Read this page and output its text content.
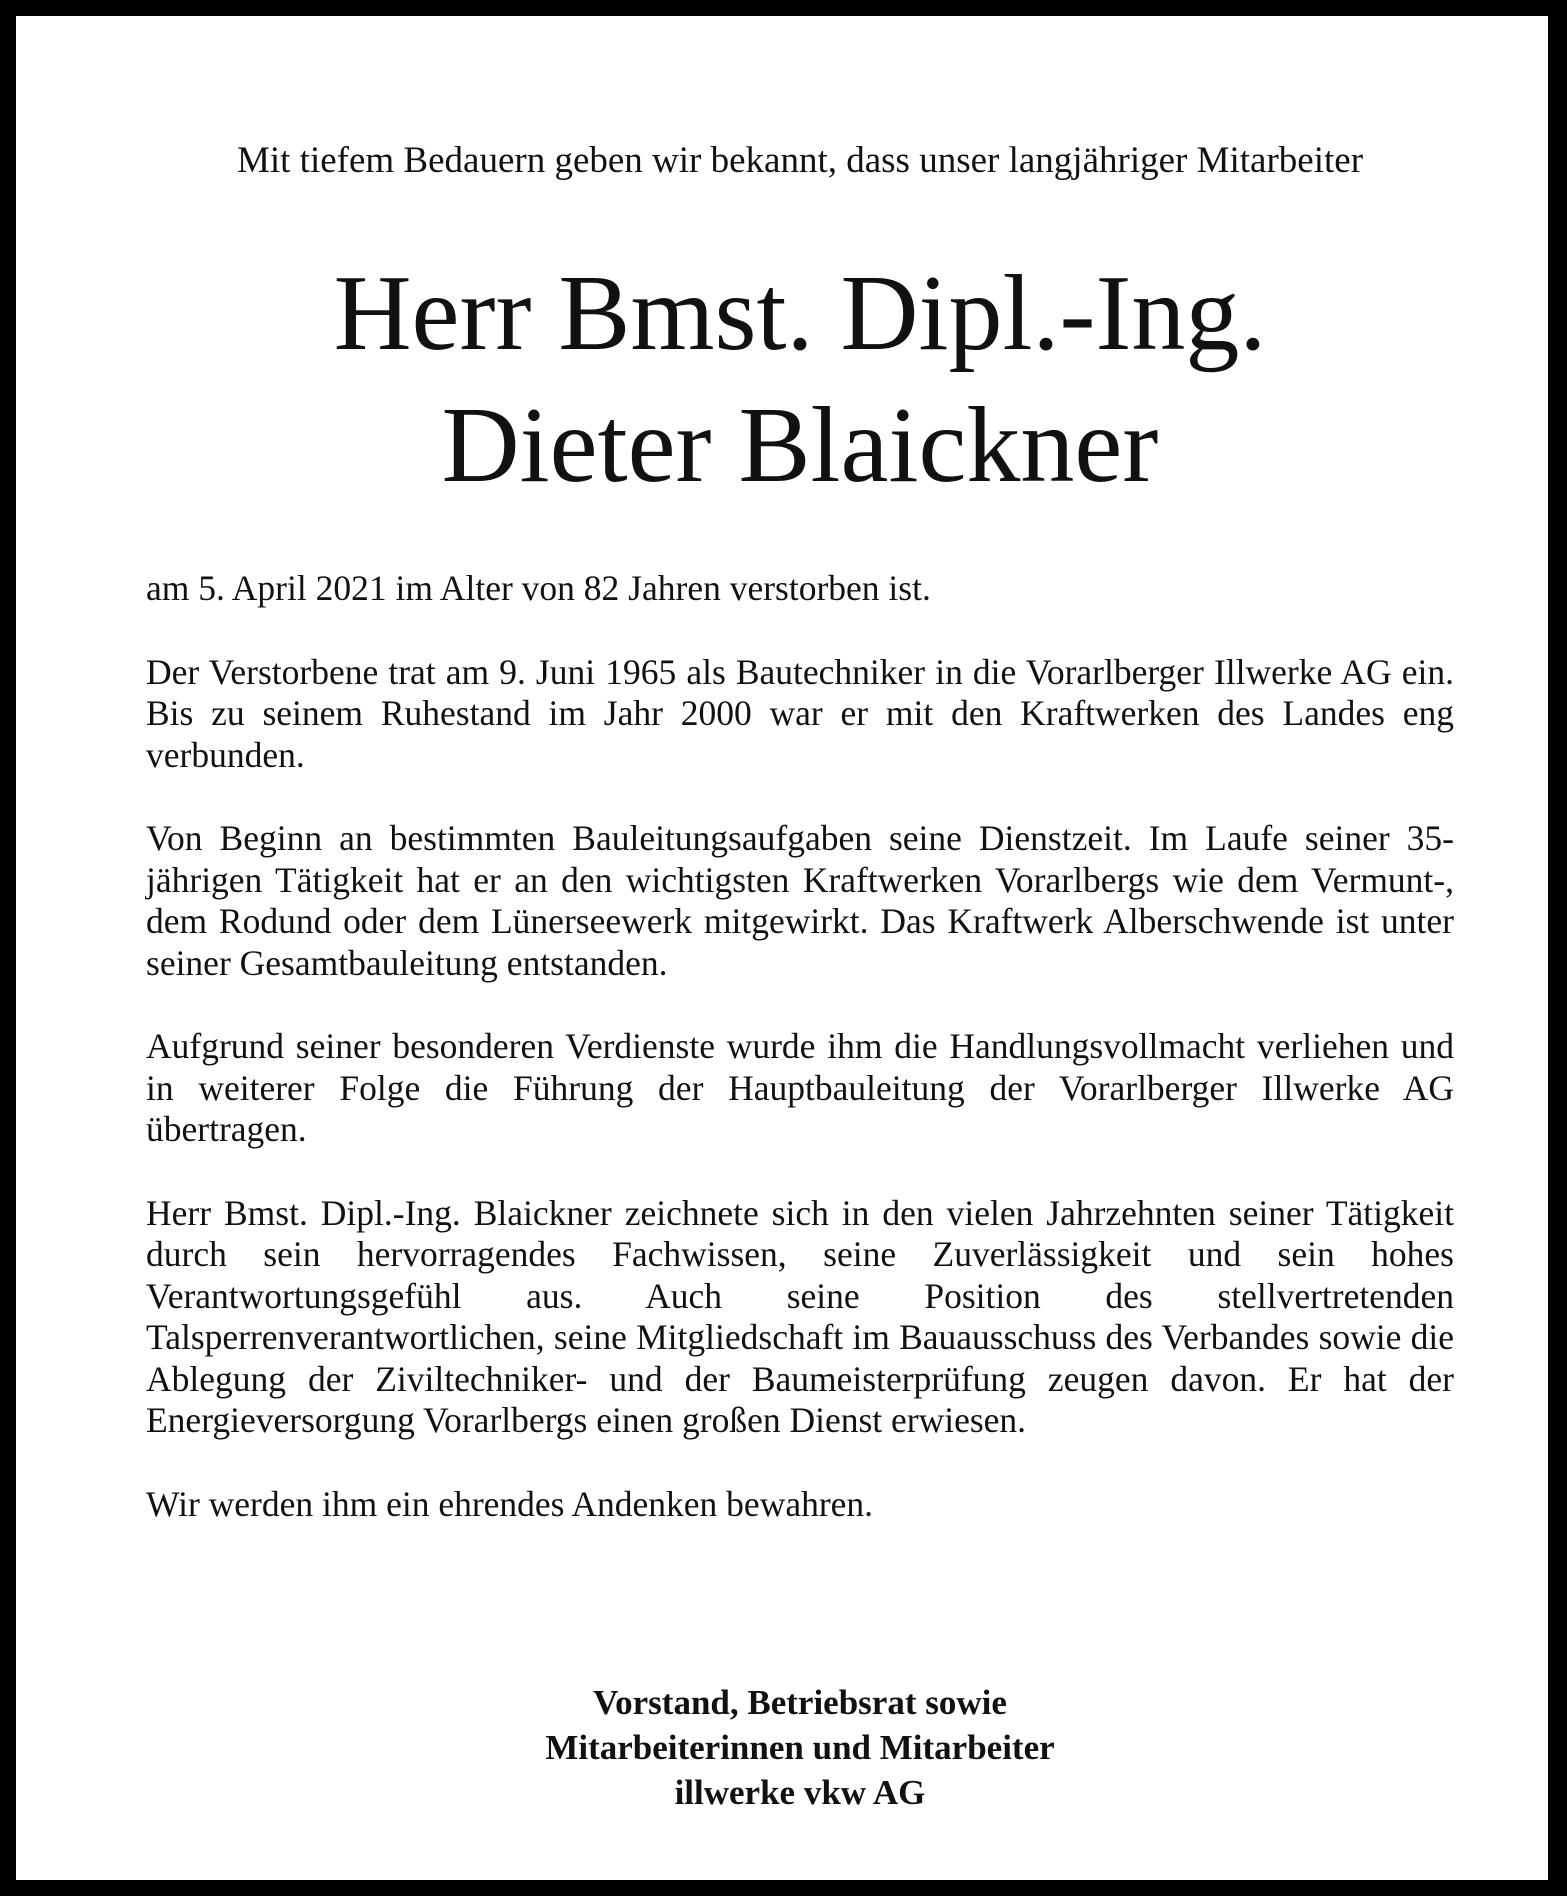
Mit tiefem Bedauern geben wir bekannt, dass unser langjähriger Mitarbeiter
Herr Bmst. Dipl.-Ing.
Dieter Blaickner

am 5. April 2021 im Alter von 82 Jahren verstorben ist.

Der Verstorbene trat am 9. Juni 1965 als Bautechniker in die Vorarlberger Illwerke AG ein. Bis zu seinem Ruhestand im Jahr 2000 war er mit den Kraftwerken des Landes eng verbunden.

Von Beginn an bestimmten Bauleitungsaufgaben seine Dienstzeit. Im Laufe seiner 35-jährigen Tätigkeit hat er an den wichtigsten Kraftwerken Vorarlbergs wie dem Vermunt-, dem Rodund oder dem Lünerseewerk mitgewirkt. Das Kraftwerk Alberschwende ist unter seiner Gesamtbauleitung entstanden.

Aufgrund seiner besonderen Verdienste wurde ihm die Handlungsvollmacht verliehen und in weiterer Folge die Führung der Hauptbauleitung der Vorarlberger Illwerke AG übertragen.

Herr Bmst. Dipl.-Ing. Blaickner zeichnete sich in den vielen Jahrzehnten seiner Tätigkeit durch sein hervorragendes Fachwissen, seine Zuverlässigkeit und sein hohes Verantwortungsgefühl aus. Auch seine Position des stellvertretenden Talsperrenverantwortlichen, seine Mitgliedschaft im Bauausschuss des Verbandes sowie die Ablegung der Ziviltechniker- und der Baumeisterprüfung zeugen davon. Er hat der Energieversorgung Vorarlbergs einen großen Dienst erwiesen.

Wir werden ihm ein ehrendes Andenken bewahren.

Vorstand, Betriebsrat sowie
Mitarbeiterinnen und Mitarbeiter
illwerke vkw AG
